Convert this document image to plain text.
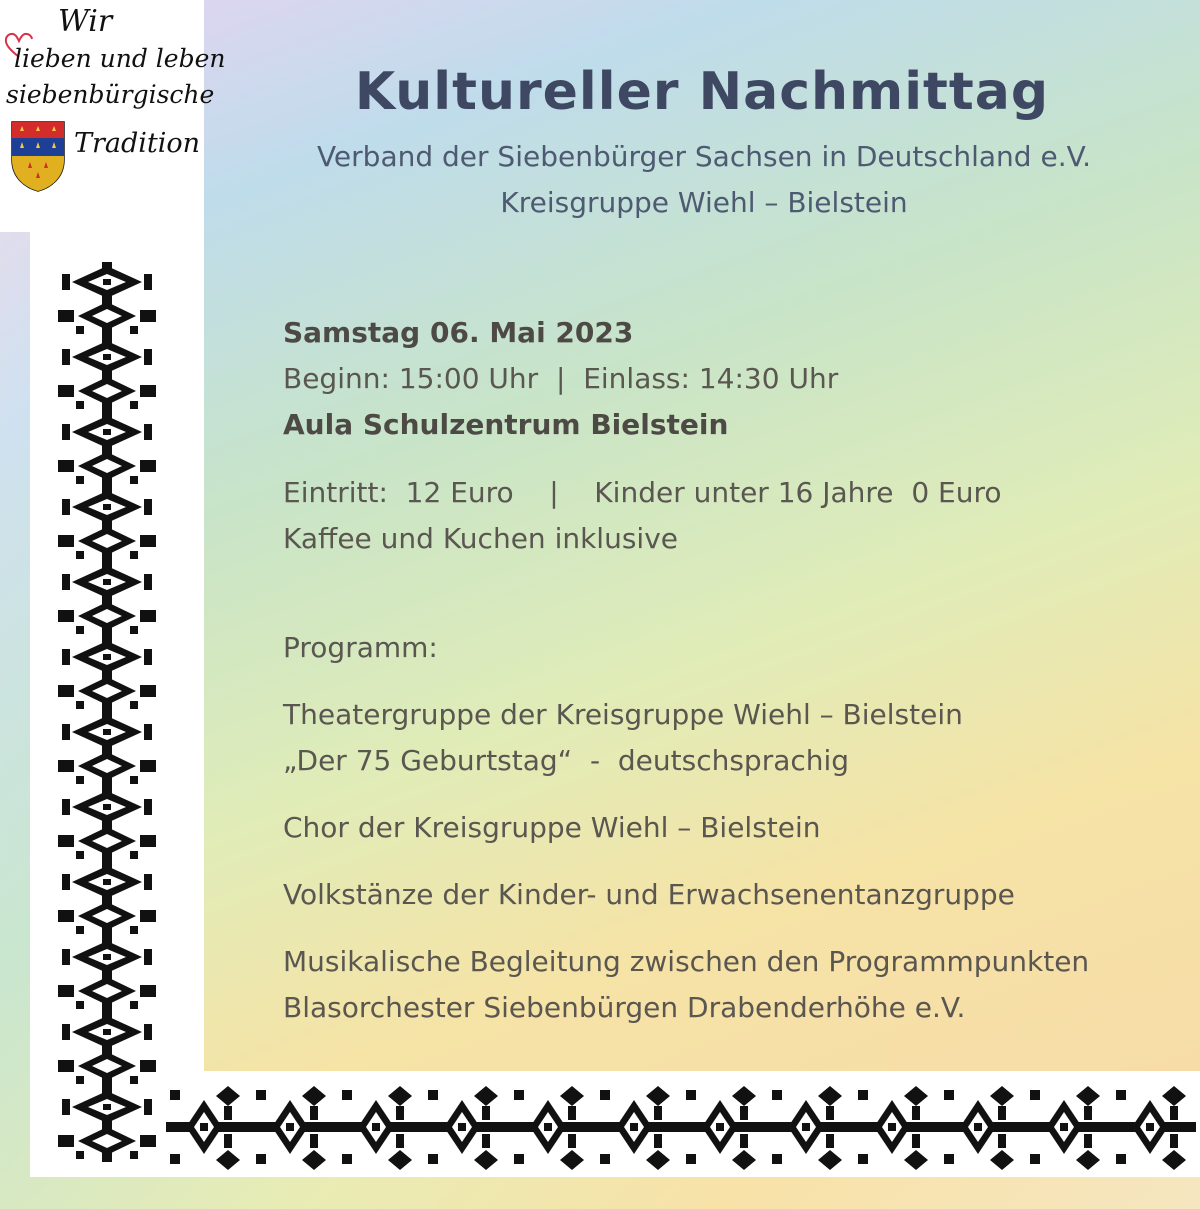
Wir
lieben und leben
siebenbürgische
Tradition
Kultureller Nachmittag
Verband der Siebenbürger Sachsen in Deutschland e.V.
Kreisgruppe Wiehl – Bielstein
Samstag 06. Mai 2023
Beginn: 15:00 Uhr  |  Einlass: 14:30 Uhr
Aula Schulzentrum Bielstein
Eintritt:  12 Euro    |    Kinder unter 16 Jahre  0 Euro
Kaffee und Kuchen inklusive
Programm:
Theatergruppe der Kreisgruppe Wiehl – Bielstein
„Der 75 Geburtstag“  -  deutschsprachig
Chor der Kreisgruppe Wiehl – Bielstein
Volkstänze der Kinder- und Erwachsenentanzgruppe
Musikalische Begleitung zwischen den Programmpunkten
Blasorchester Siebenbürgen Drabenderhöhe e.V.
